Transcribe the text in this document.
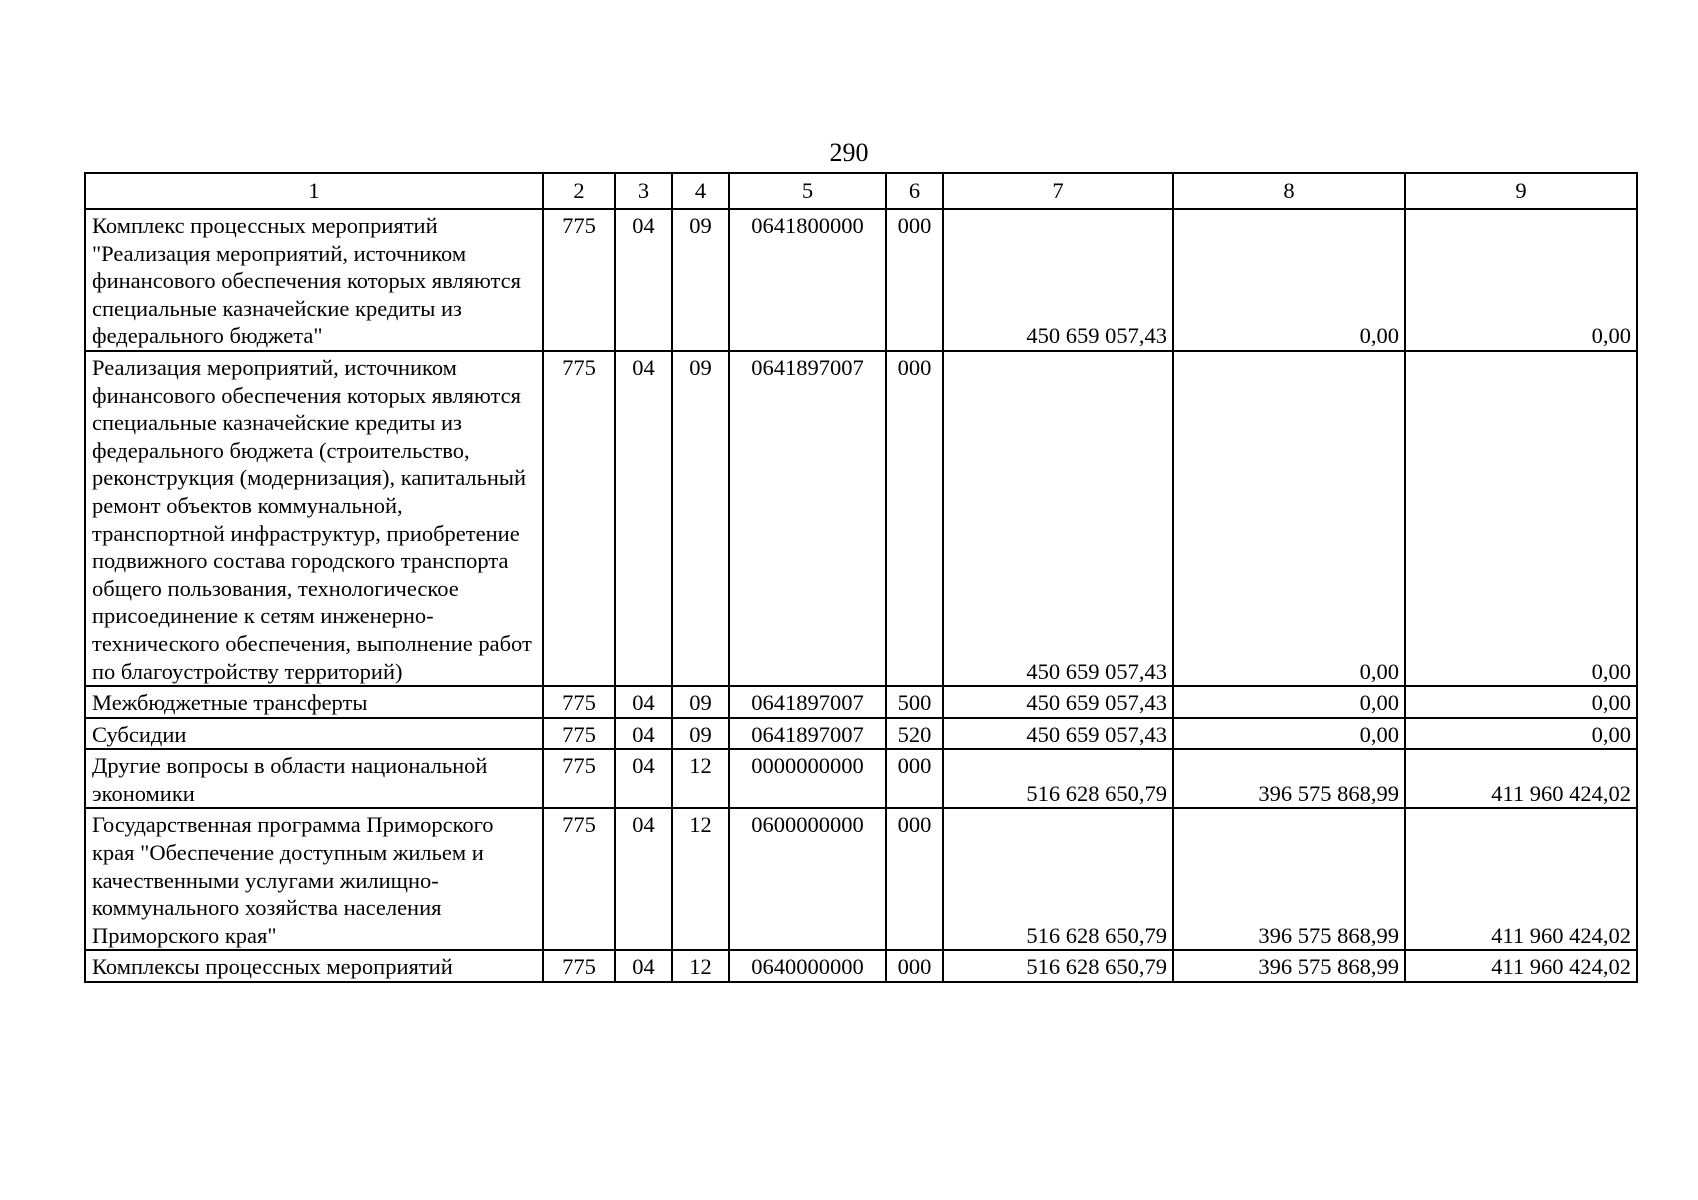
290
1	2	3	4	5	6	7	8	9
Комплекс процессных мероприятий "Реализация мероприятий, источником финансового обеспечения которых являются специальные казначейские кредиты из федерального бюджета"	775	04	09	0641800000	000	450 659 057,43	0,00	0,00
Реализация мероприятий, источником финансового обеспечения которых являются специальные казначейские кредиты из федерального бюджета (строительство, реконструкция (модернизация), капитальный ремонт объектов коммунальной, транспортной инфраструктур, приобретение подвижного состава городского транспорта общего пользования, технологическое присоединение к сетям инженерно-технического обеспечения, выполнение работ по благоустройству территорий)	775	04	09	0641897007	000	450 659 057,43	0,00	0,00
Межбюджетные трансферты	775	04	09	0641897007	500	450 659 057,43	0,00	0,00
Субсидии	775	04	09	0641897007	520	450 659 057,43	0,00	0,00
Другие вопросы в области национальной экономики	775	04	12	0000000000	000	516 628 650,79	396 575 868,99	411 960 424,02
Государственная программа Приморского края "Обеспечение доступным жильем и качественными услугами жилищно-коммунального хозяйства населения Приморского края"	775	04	12	0600000000	000	516 628 650,79	396 575 868,99	411 960 424,02
Комплексы процессных мероприятий	775	04	12	0640000000	000	516 628 650,79	396 575 868,99	411 960 424,02
